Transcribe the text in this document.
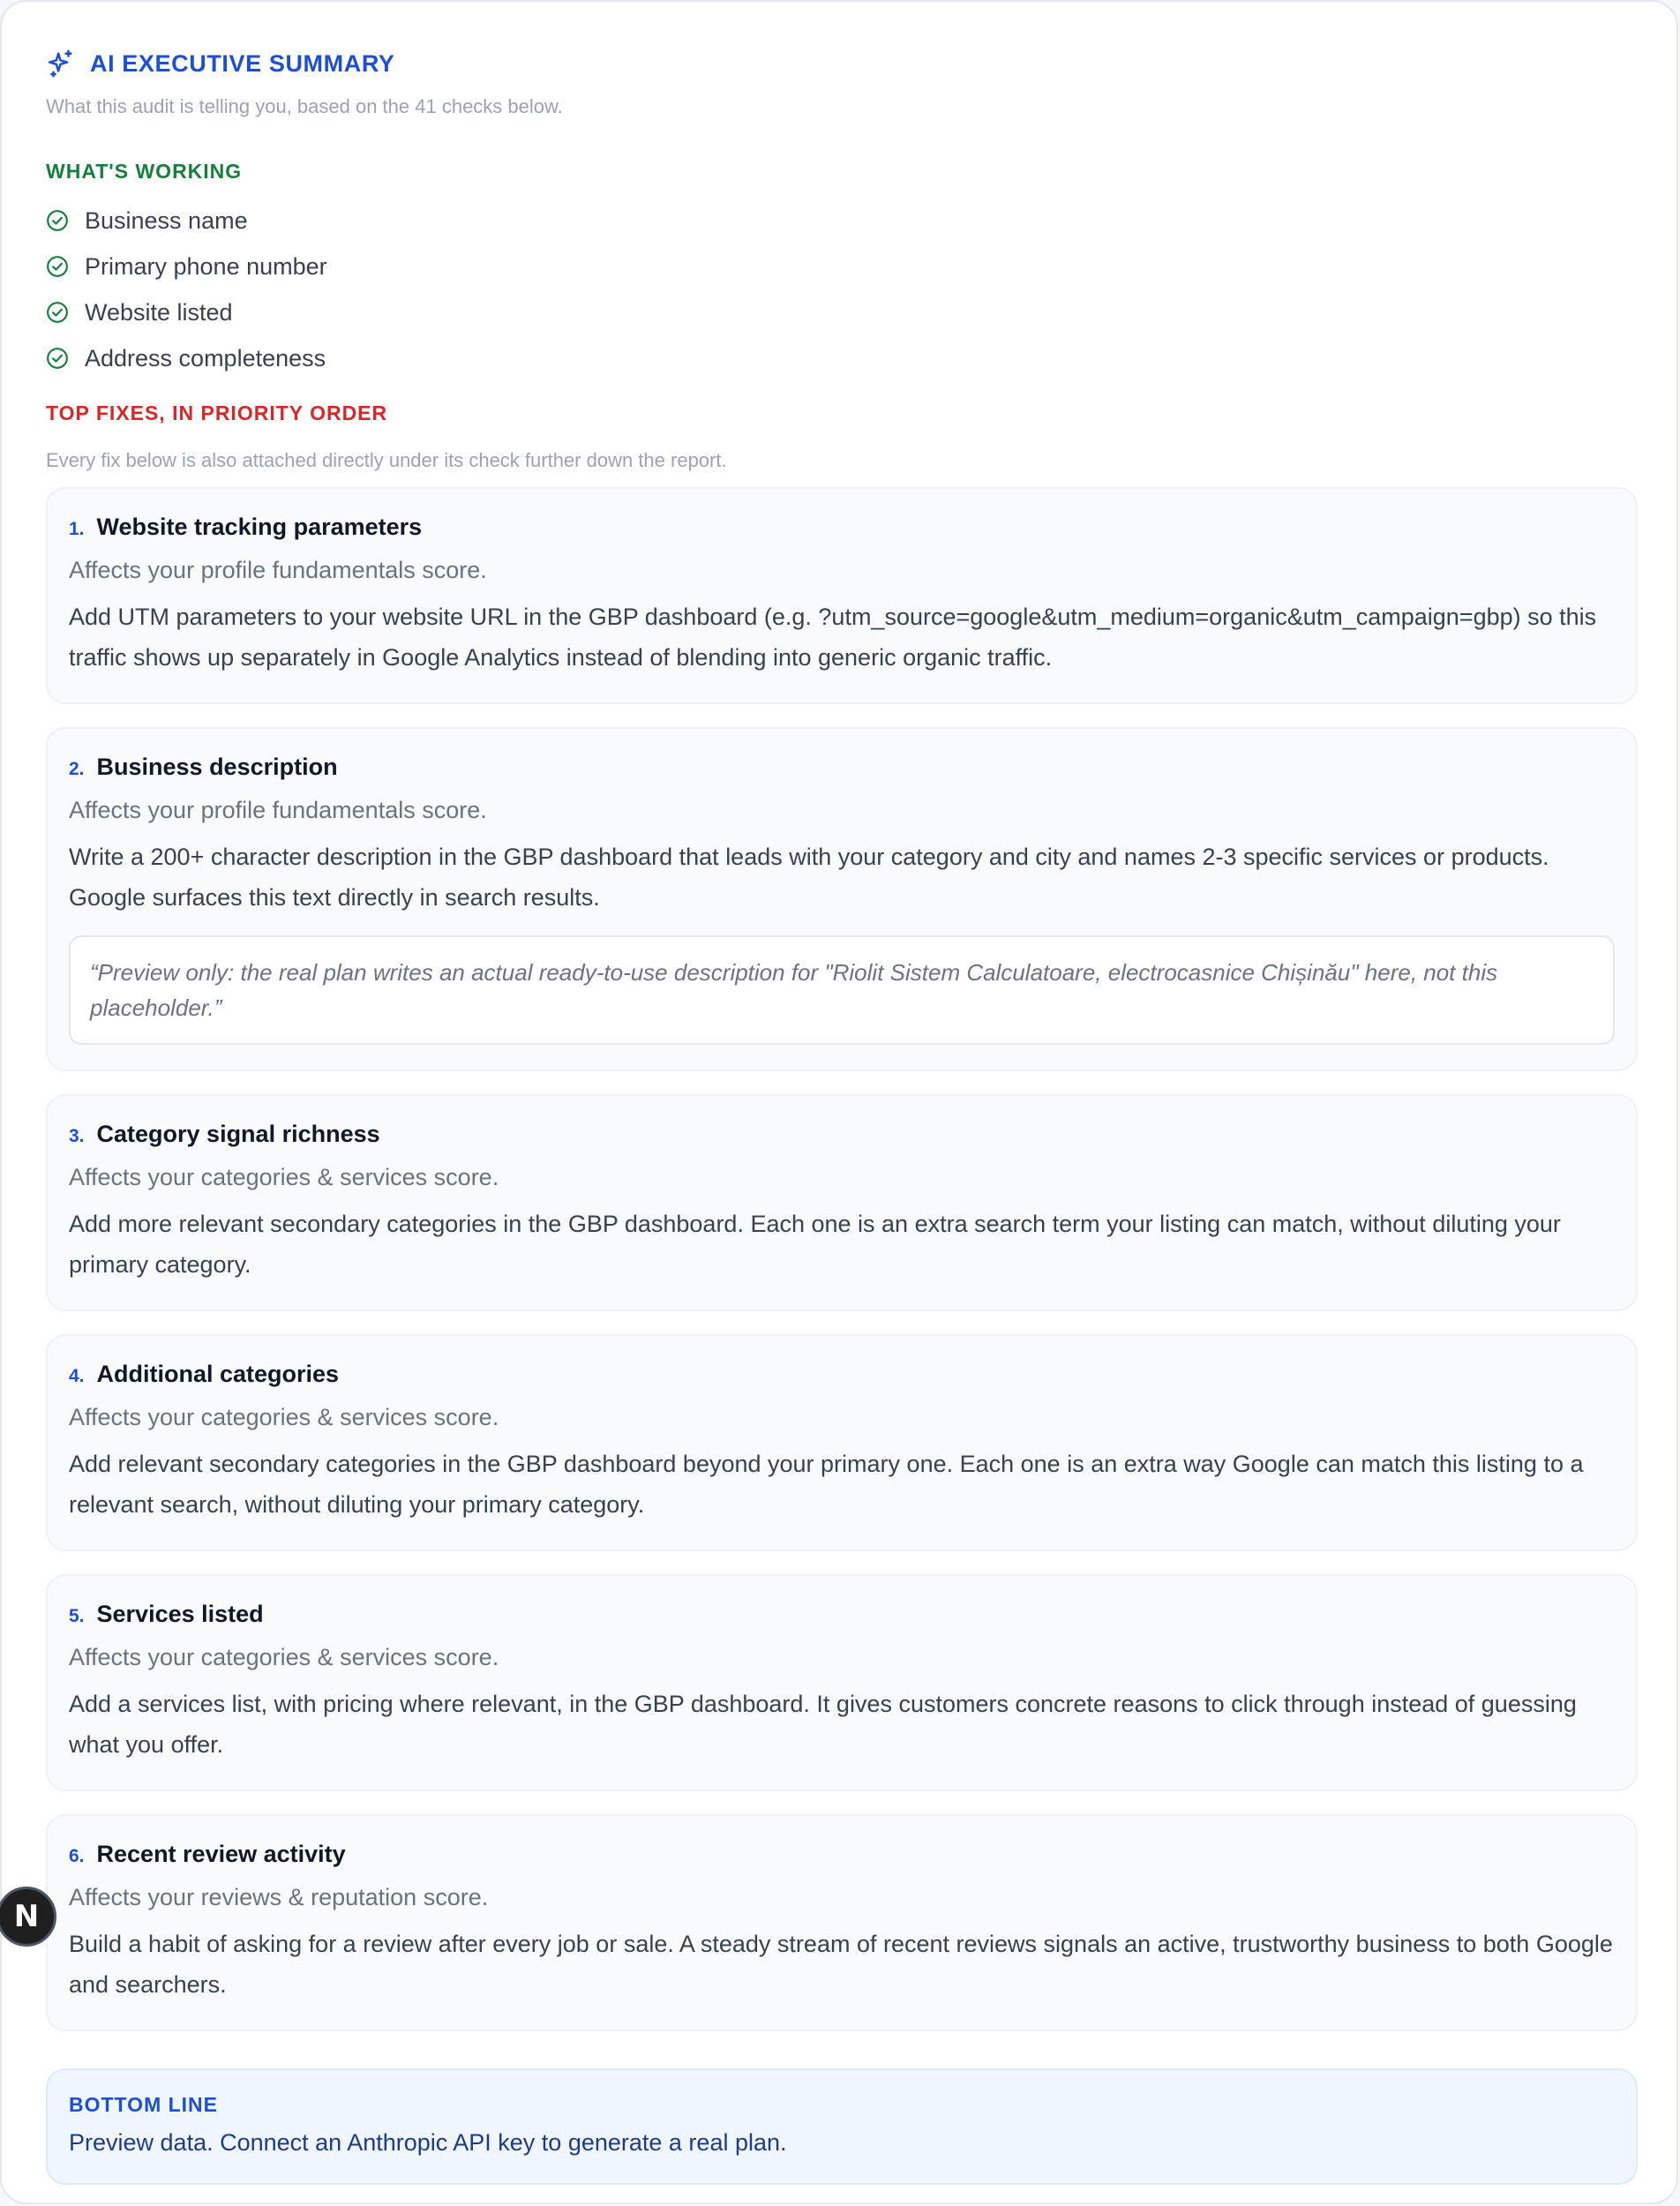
AI EXECUTIVE SUMMARY
What this audit is telling you, based on the 41 checks below.
WHAT'S WORKING
Business name
Primary phone number
Website listed
Address completeness
TOP FIXES, IN PRIORITY ORDER
Every fix below is also attached directly under its check further down the report.
1. Website tracking parameters
Affects your profile fundamentals score.
Add UTM parameters to your website URL in the GBP dashboard (e.g. ?utm_source=google&utm_medium=organic&utm_campaign=gbp) so this traffic shows up separately in Google Analytics instead of blending into generic organic traffic.
2. Business description
Affects your profile fundamentals score.
Write a 200+ character description in the GBP dashboard that leads with your category and city and names 2-3 specific services or products. Google surfaces this text directly in search results.
“Preview only: the real plan writes an actual ready-to-use description for "Riolit Sistem Calculatoare, electrocasnice Chișinău" here, not this placeholder.”
3. Category signal richness
Affects your categories & services score.
Add more relevant secondary categories in the GBP dashboard. Each one is an extra search term your listing can match, without diluting your primary category.
4. Additional categories
Affects your categories & services score.
Add relevant secondary categories in the GBP dashboard beyond your primary one. Each one is an extra way Google can match this listing to a relevant search, without diluting your primary category.
5. Services listed
Affects your categories & services score.
Add a services list, with pricing where relevant, in the GBP dashboard. It gives customers concrete reasons to click through instead of guessing what you offer.
6. Recent review activity
Affects your reviews & reputation score.
Build a habit of asking for a review after every job or sale. A steady stream of recent reviews signals an active, trustworthy business to both Google and searchers.
BOTTOM LINE
Preview data. Connect an Anthropic API key to generate a real plan.
N
